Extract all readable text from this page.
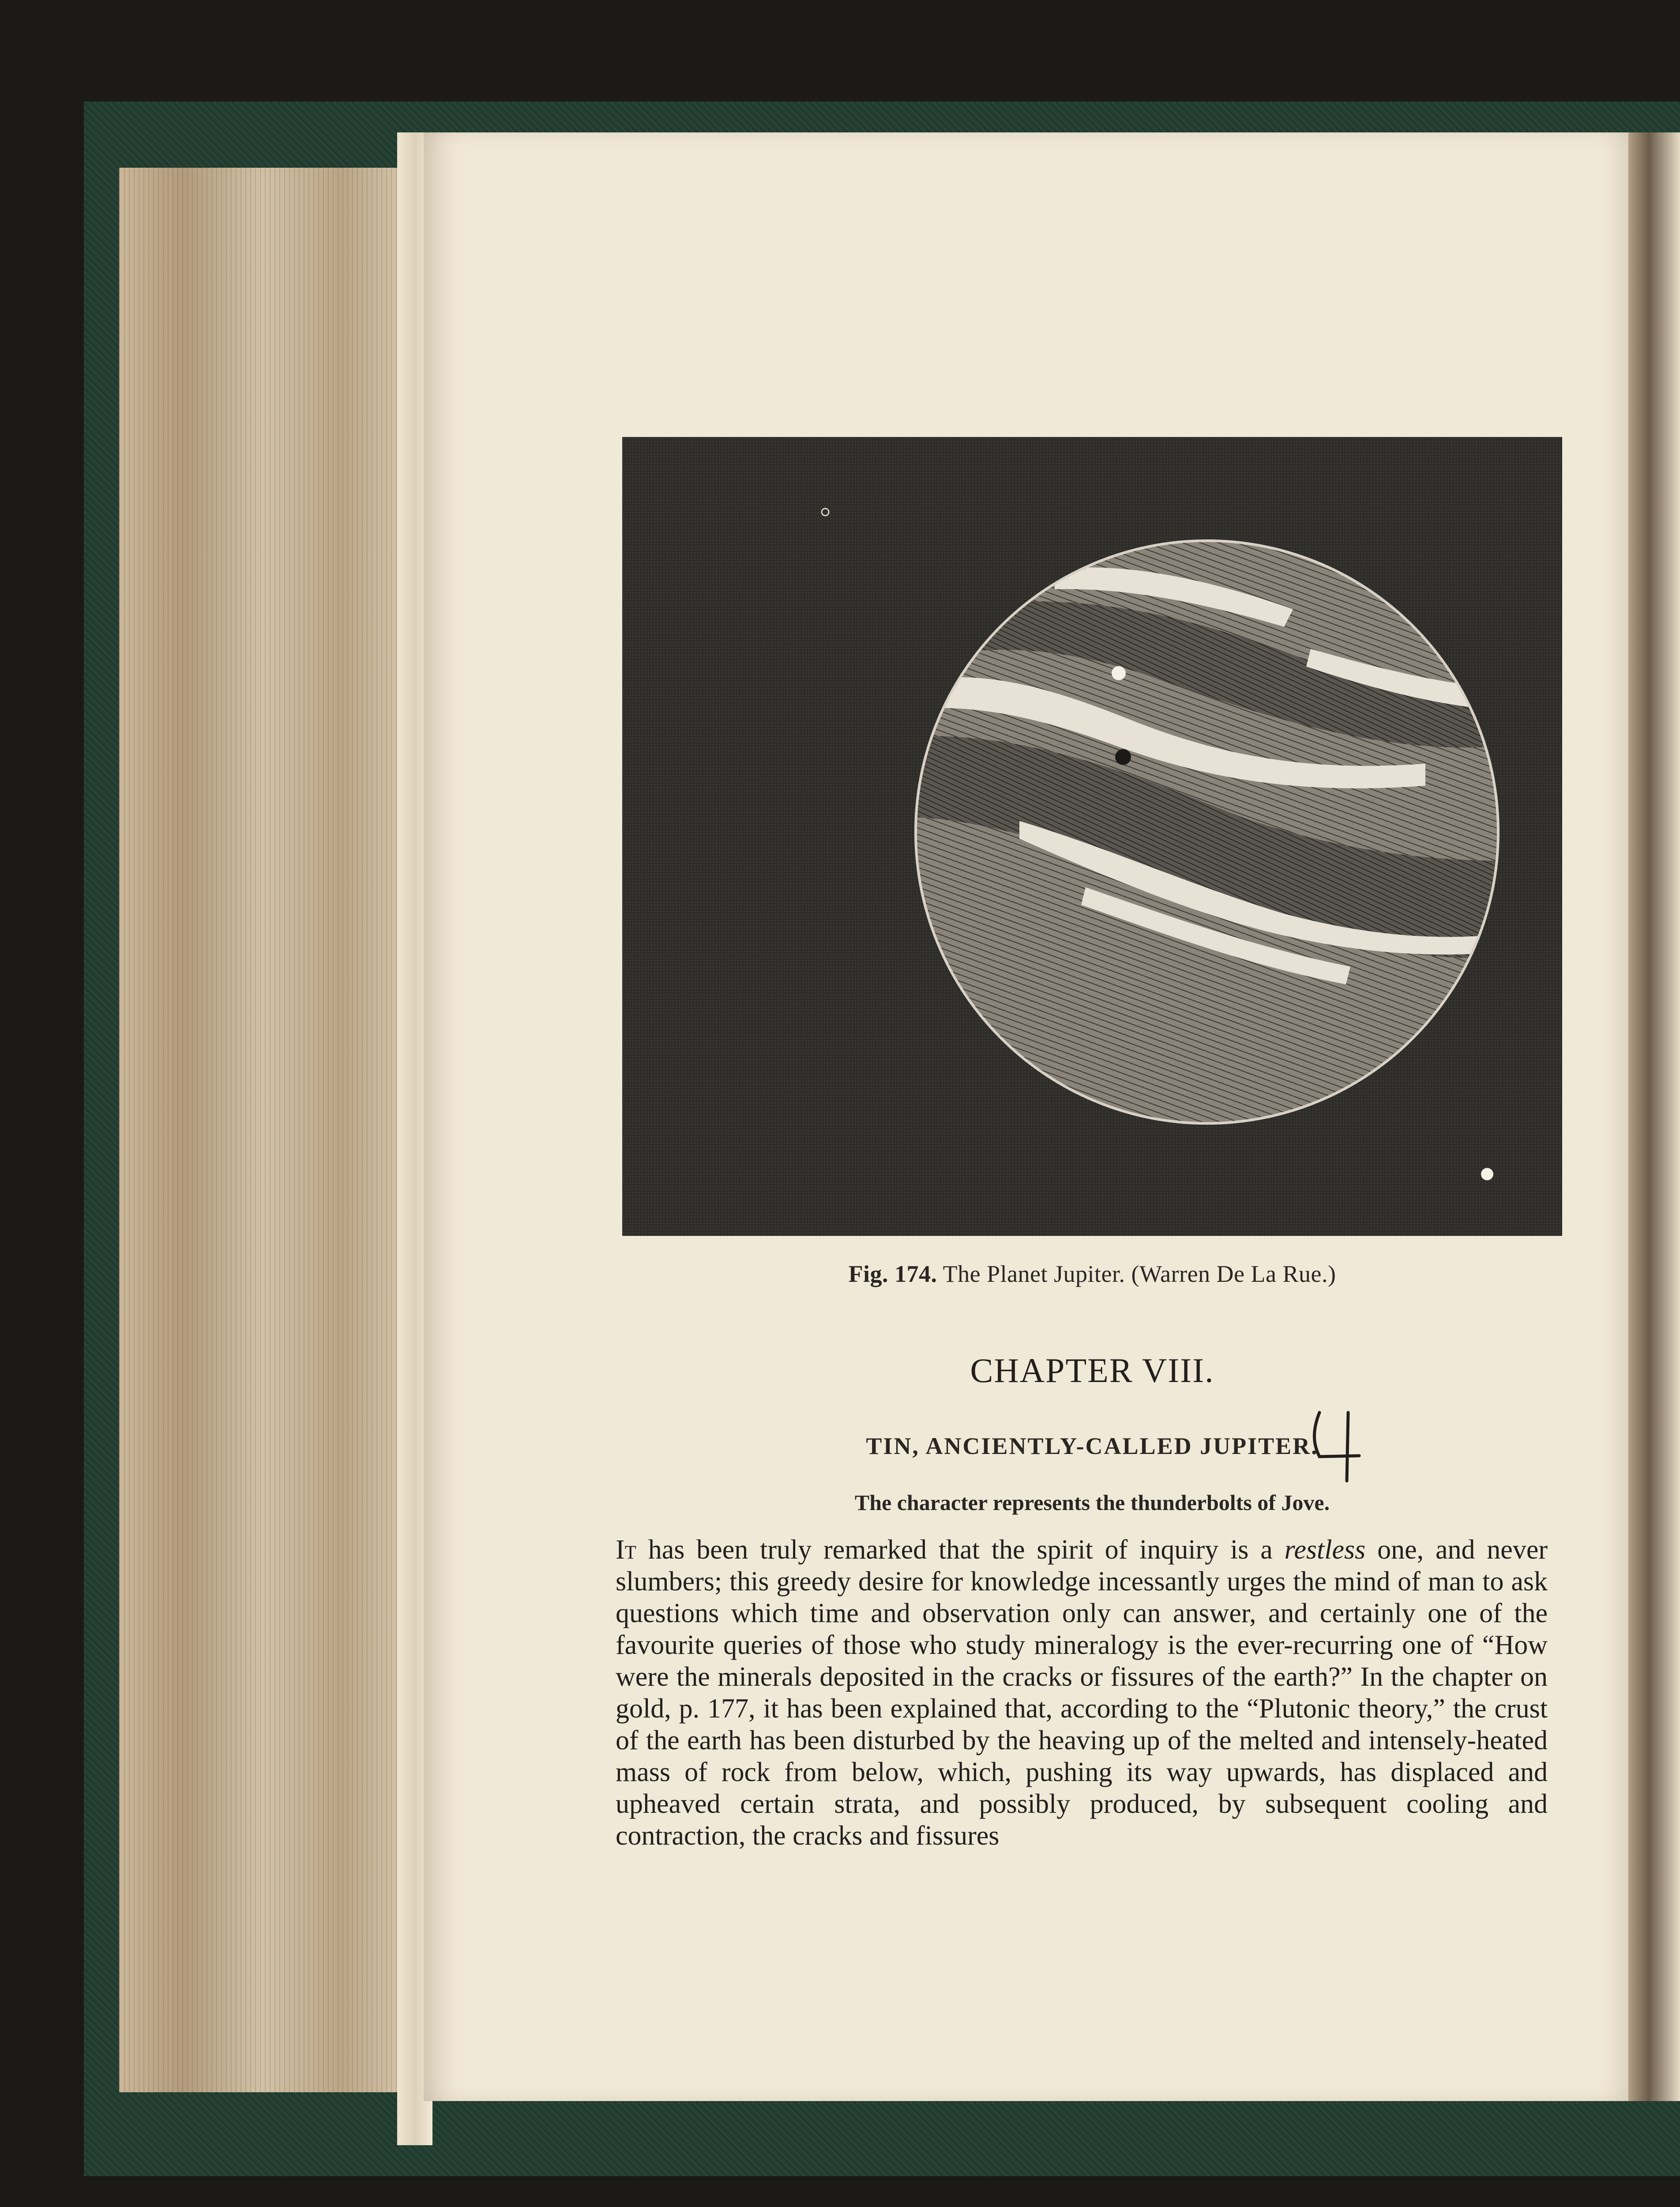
Fig. 174. The Planet Jupiter. (Warren De La Rue.)
CHAPTER VIII.
TIN, ANCIENTLY-CALLED JUPITER.
The character represents the thunderbolts of Jove.

It has been truly remarked that the spirit of inquiry is a restless one, and never slumbers; this greedy desire for knowledge incessantly urges the mind of man to ask questions which time and observation only can answer, and certainly one of the favourite queries of those who study mineralogy is the ever-recurring one of “How were the minerals deposited in the cracks or fissures of the earth?” In the chapter on gold, p. 177, it has been explained that, according to the “Plutonic theory,” the crust of the earth has been disturbed by the heaving up of the melted and intensely-heated mass of rock from below, which, pushing its way upwards, has displaced and upheaved certain strata, and possibly produced, by subsequent cooling and contraction, the cracks and fissures
